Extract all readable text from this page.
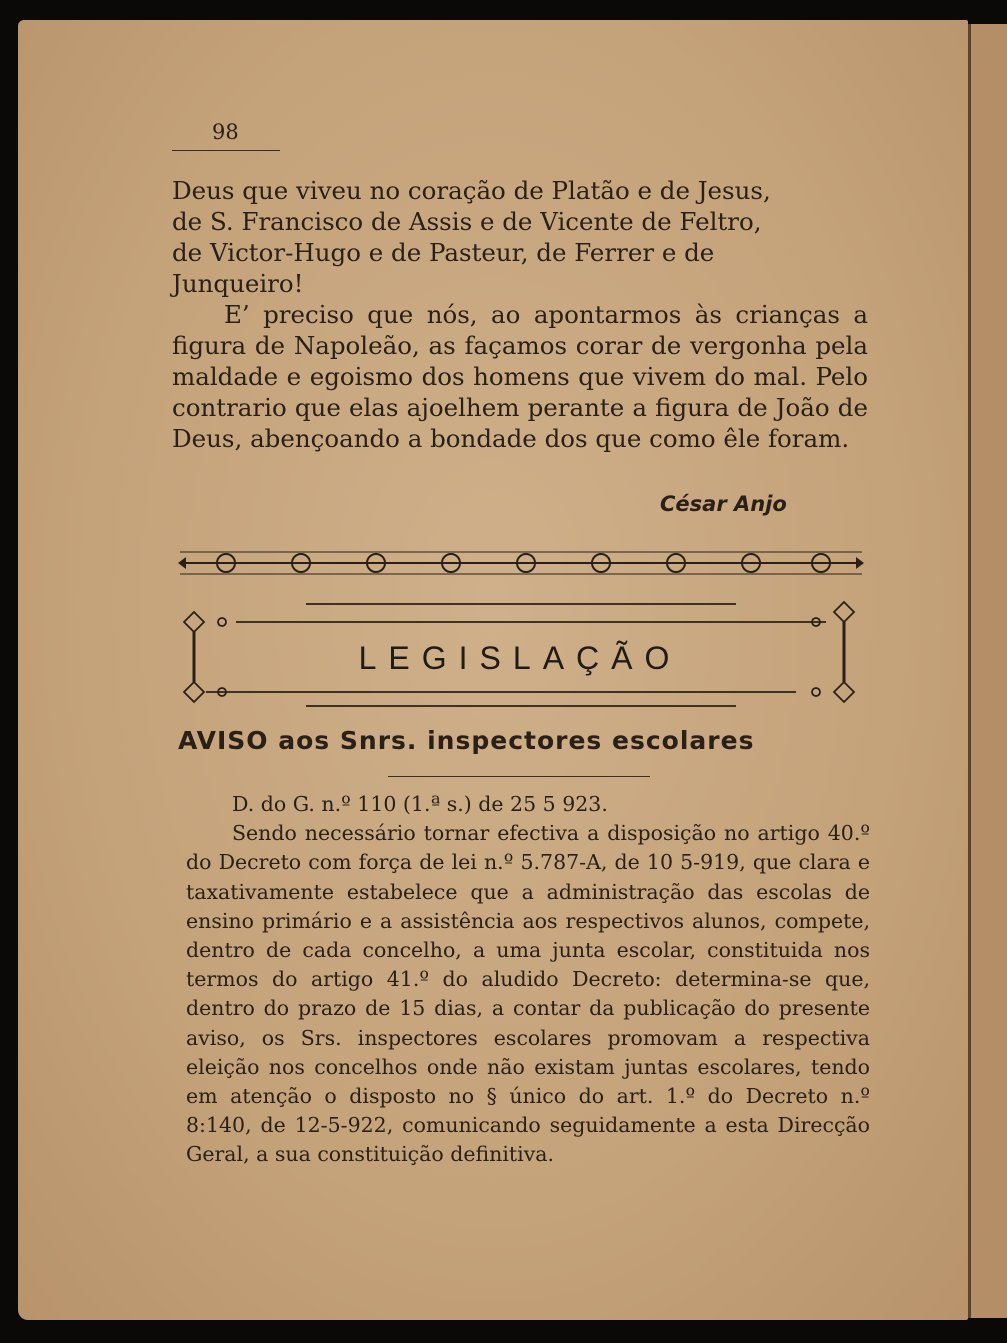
98
Deus que viveu no coração de Platão e de Jesus,
de S. Francisco de Assis e de Vicente de Feltro,
de Victor-Hugo e de Pasteur, de Ferrer e de
Junqueiro!
E’ preciso que nós, ao apontarmos às crianças a figura de Napoleão, as façamos corar de vergonha pela maldade e egoismo dos homens que vivem do mal. Pelo contrario que elas ajoelhem perante a figura de João de Deus, abençoando a bondade dos que como êle foram.
César Anjo
LEGISLAÇÃO
AVISO aos Snrs. inspectores escolares
D. do G. n.º 110 (1.ª s.) de 25 5 923.
Sendo necessário tornar efectiva a disposição no artigo 40.º do Decreto com força de lei n.º 5.787-A, de 10 5-919, que clara e taxativamente estabelece que a administração das escolas de ensino primário e a assistência aos respectivos alunos, compete, dentro de cada concelho, a uma junta escolar, constituida nos termos do artigo 41.º do aludido Decreto: determina-se que, dentro do prazo de 15 dias, a contar da publicação do presente aviso, os Srs. inspectores escolares promovam a respectiva eleição nos concelhos onde não existam juntas escolares, tendo em atenção o disposto no § único do art. 1.º do Decreto n.º 8:140, de 12-5-922, comunicando seguidamente a esta Direcção Geral, a sua constituição definitiva.
